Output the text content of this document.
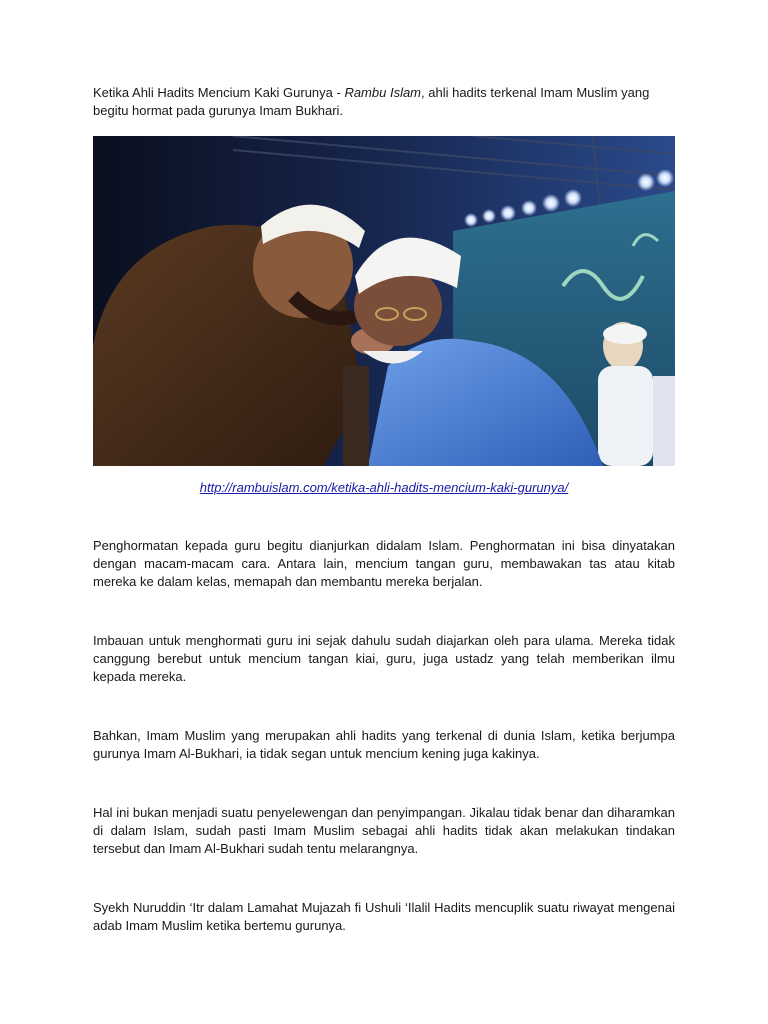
Ketika Ahli Hadits Mencium Kaki Gurunya - Rambu Islam, ahli hadits terkenal Imam Muslim yang begitu hormat pada gurunya Imam Bukhari.

http://rambuislam.com/ketika-ahli-hadits-mencium-kaki-gurunya/

Penghormatan kepada guru begitu dianjurkan didalam Islam. Penghormatan ini bisa dinyatakan dengan macam-macam cara. Antara lain, mencium tangan guru, membawakan tas atau kitab mereka ke dalam kelas, memapah dan membantu mereka berjalan.

Imbauan untuk menghormati guru ini sejak dahulu sudah diajarkan oleh para ulama. Mereka tidak canggung berebut untuk mencium tangan kiai, guru, juga ustadz yang telah memberikan ilmu kepada mereka.

Bahkan, Imam Muslim yang merupakan ahli hadits yang terkenal di dunia Islam, ketika berjumpa gurunya Imam Al-Bukhari, ia tidak segan untuk mencium kening juga kakinya.

Hal ini bukan menjadi suatu penyelewengan dan penyimpangan. Jikalau tidak benar dan diharamkan di dalam Islam, sudah pasti Imam Muslim sebagai ahli hadits tidak akan melakukan tindakan tersebut dan Imam Al-Bukhari sudah tentu melarangnya.

Syekh Nuruddin ‘Itr dalam Lamahat Mujazah fi Ushuli ‘Ilalil Hadits mencuplik suatu riwayat mengenai adab Imam Muslim ketika bertemu gurunya.
